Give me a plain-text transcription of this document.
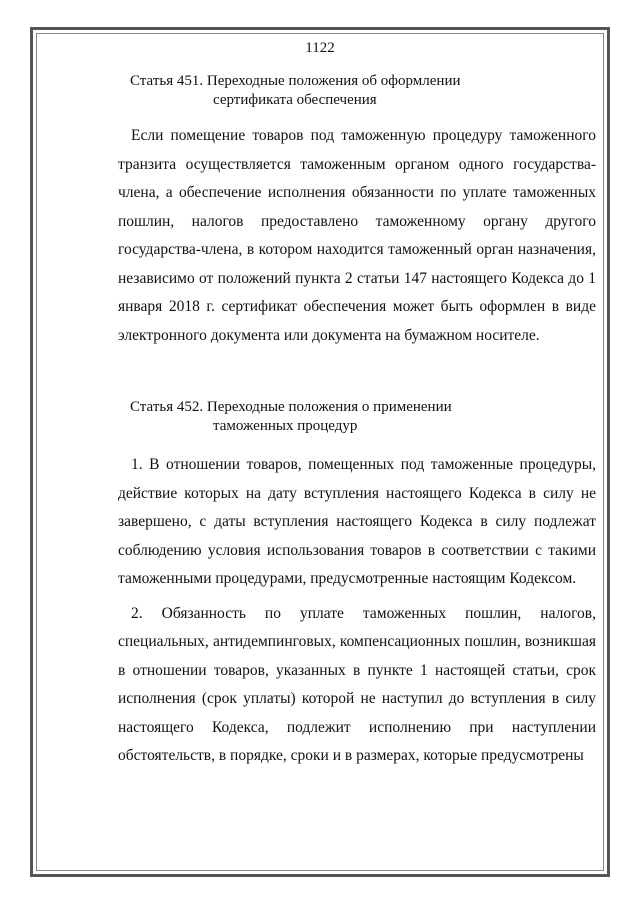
1122
Статья 451. Переходные положения об оформлении
сертификата обеспечения

Если помещение товаров под таможенную процедуру таможенного транзита осуществляется таможенным органом одного государства-члена, а обеспечение исполнения обязанности по уплате таможенных пошлин, налогов предоставлено таможенному органу другого государства-члена, в котором находится таможенный орган назначения, независимо от положений пункта 2 статьи 147 настоящего Кодекса до 1 января 2018 г. сертификат обеспечения может быть оформлен в виде электронного документа или документа на бумажном носителе.

Статья 452. Переходные положения о применении
таможенных процедур

1. В отношении товаров, помещенных под таможенные процедуры, действие которых на дату вступления настоящего Кодекса в силу не завершено, с даты вступления настоящего Кодекса в силу подлежат соблюдению условия использования товаров в соответствии с такими таможенными процедурами, предусмотренные настоящим Кодексом.

2. Обязанность по уплате таможенных пошлин, налогов, специальных, антидемпинговых, компенсационных пошлин, возникшая в отношении товаров, указанных в пункте 1 настоящей статьи, срок исполнения (срок уплаты) которой не наступил до вступления в силу настоящего Кодекса, подлежит исполнению при наступлении обстоятельств, в порядке, сроки и в размерах, которые предусмотрены
